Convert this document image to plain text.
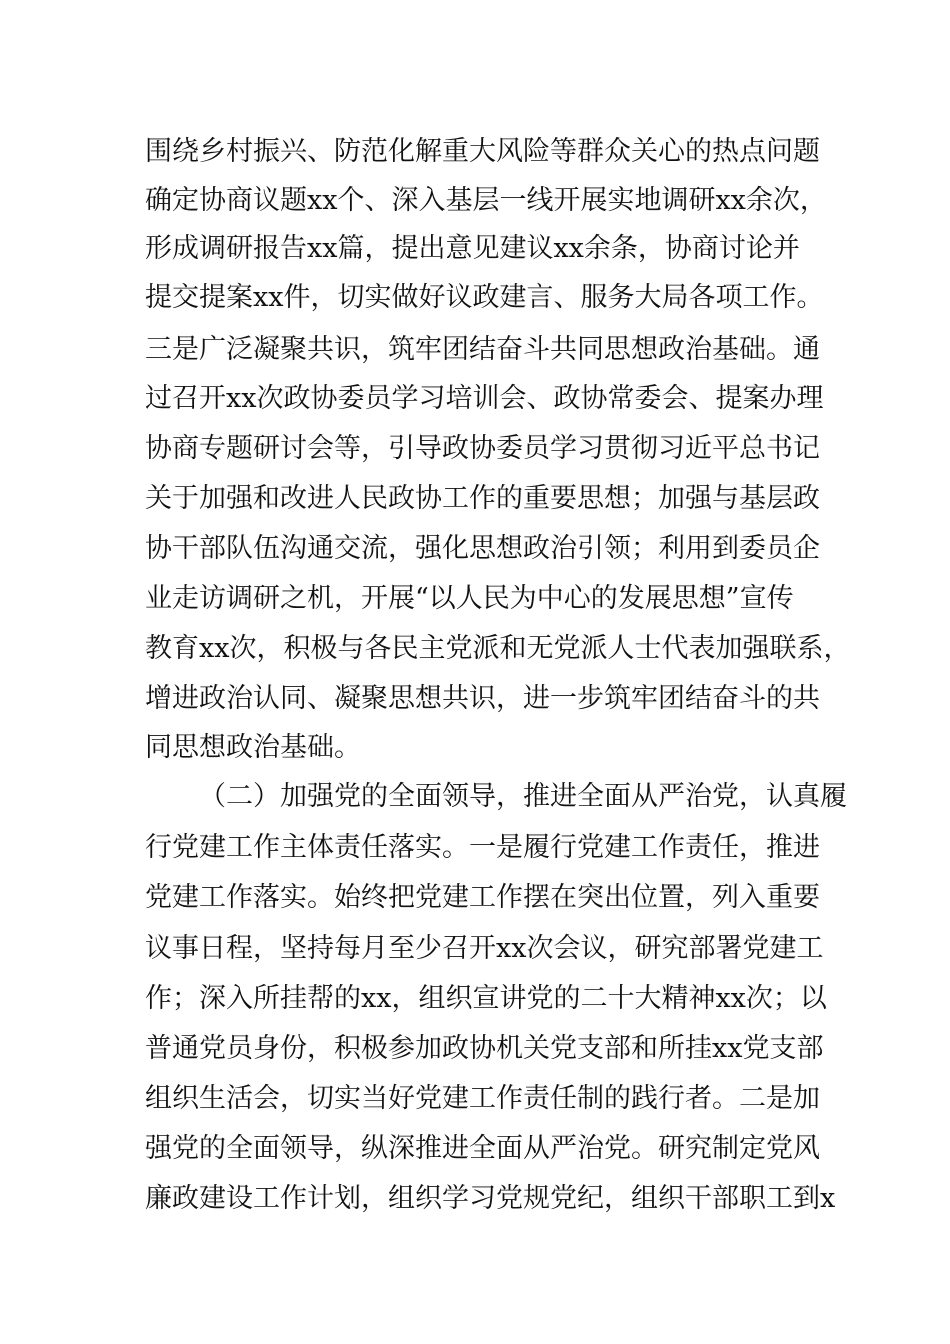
围绕乡村振兴、防范化解重大风险等群众关心的热点问题
确定协商议题xx个、深入基层一线开展实地调研xx余次，
形成调研报告xx篇，提出意见建议xx余条，协商讨论并
提交提案xx件，切实做好议政建言、服务大局各项工作。
三是广泛凝聚共识，筑牢团结奋斗共同思想政治基础。通
过召开xx次政协委员学习培训会、政协常委会、提案办理
协商专题研讨会等，引导政协委员学习贯彻习近平总书记
关于加强和改进人民政协工作的重要思想；加强与基层政
协干部队伍沟通交流，强化思想政治引领；利用到委员企
业走访调研之机，开展“以人民为中心的发展思想”宣传
教育xx次，积极与各民主党派和无党派人士代表加强联系，
增进政治认同、凝聚思想共识，进一步筑牢团结奋斗的共
同思想政治基础。
（二）加强党的全面领导，推进全面从严治党，认真履
行党建工作主体责任落实。一是履行党建工作责任，推进
党建工作落实。始终把党建工作摆在突出位置，列入重要
议事日程，坚持每月至少召开xx次会议，研究部署党建工
作；深入所挂帮的xx，组织宣讲党的二十大精神xx次；以
普通党员身份，积极参加政协机关党支部和所挂xx党支部
组织生活会，切实当好党建工作责任制的践行者。二是加
强党的全面领导，纵深推进全面从严治党。研究制定党风
廉政建设工作计划，组织学习党规党纪，组织干部职工到x
